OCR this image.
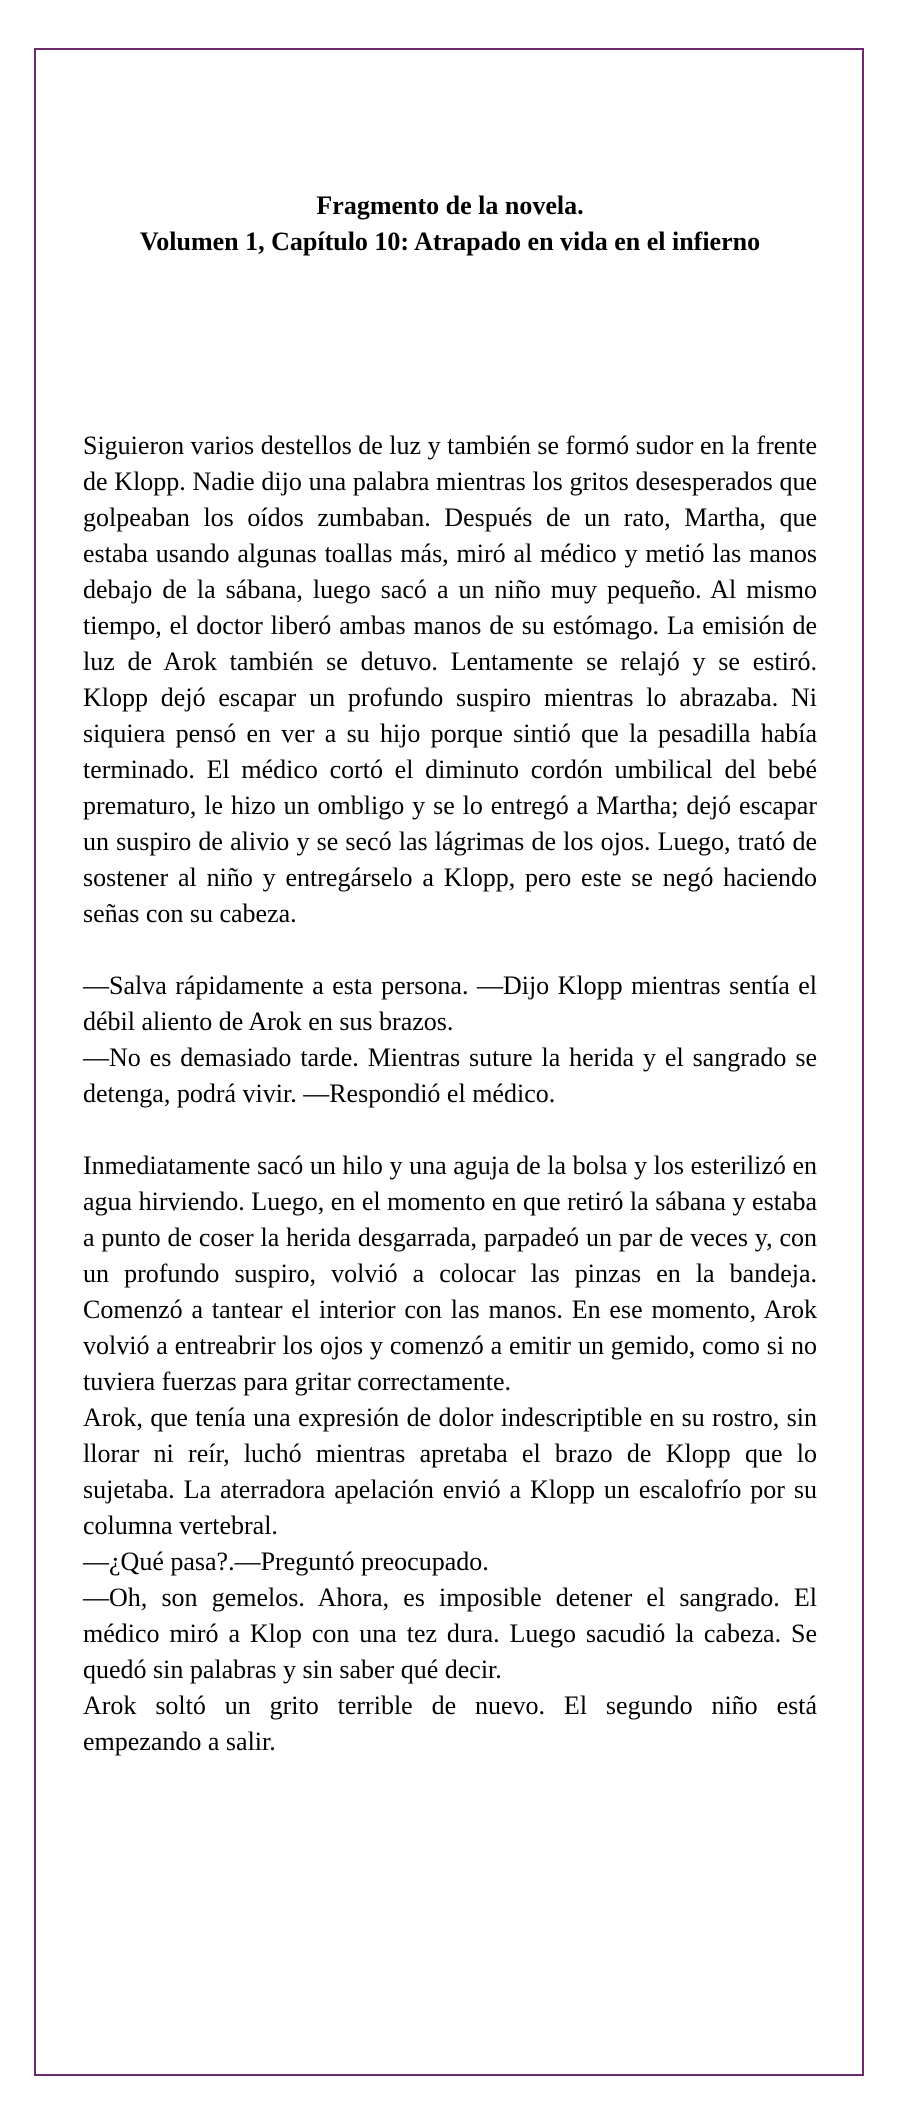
Fragmento de la novela.
Volumen 1, Capítulo 10: Atrapado en vida en el infierno

Siguieron varios destellos de luz y también se formó sudor en la frente de Klopp. Nadie dijo una palabra mientras los gritos desesperados que golpeaban los oídos zumbaban. Después de un rato, Martha, que estaba usando algunas toallas más, miró al médico y metió las manos debajo de la sábana, luego sacó a un niño muy pequeño. Al mismo tiempo, el doctor liberó ambas manos de su estómago. La emisión de luz de Arok también se detuvo. Lentamente se relajó y se estiró. Klopp dejó escapar un profundo suspiro mientras lo abrazaba. Ni siquiera pensó en ver a su hijo porque sintió que la pesadilla había terminado. El médico cortó el diminuto cordón umbilical del bebé prematuro, le hizo un ombligo y se lo entregó a Martha; dejó escapar un suspiro de alivio y se secó las lágrimas de los ojos. Luego, trató de sostener al niño y entregárselo a Klopp, pero este se negó haciendo señas con su cabeza.

—Salva rápidamente a esta persona. —Dijo Klopp mientras sentía el débil aliento de Arok en sus brazos.

—No es demasiado tarde. Mientras suture la herida y el sangrado se detenga, podrá vivir. —Respondió el médico.

Inmediatamente sacó un hilo y una aguja de la bolsa y los esterilizó en agua hirviendo. Luego, en el momento en que retiró la sábana y estaba a punto de coser la herida desgarrada, parpadeó un par de veces y, con un profundo suspiro, volvió a colocar las pinzas en la bandeja. Comenzó a tantear el interior con las manos. En ese momento, Arok volvió a entreabrir los ojos y comenzó a emitir un gemido, como si no tuviera fuerzas para gritar correctamente.

Arok, que tenía una expresión de dolor indescriptible en su rostro, sin llorar ni reír, luchó mientras apretaba el brazo de Klopp que lo sujetaba. La aterradora apelación envió a Klopp un escalofrío por su columna vertebral.

—¿Qué pasa?.—Preguntó preocupado.

—Oh, son gemelos. Ahora, es imposible detener el sangrado. El médico miró a Klop con una tez dura. Luego sacudió la cabeza. Se quedó sin palabras y sin saber qué decir.

Arok soltó un grito terrible de nuevo. El segundo niño está empezando a salir.
